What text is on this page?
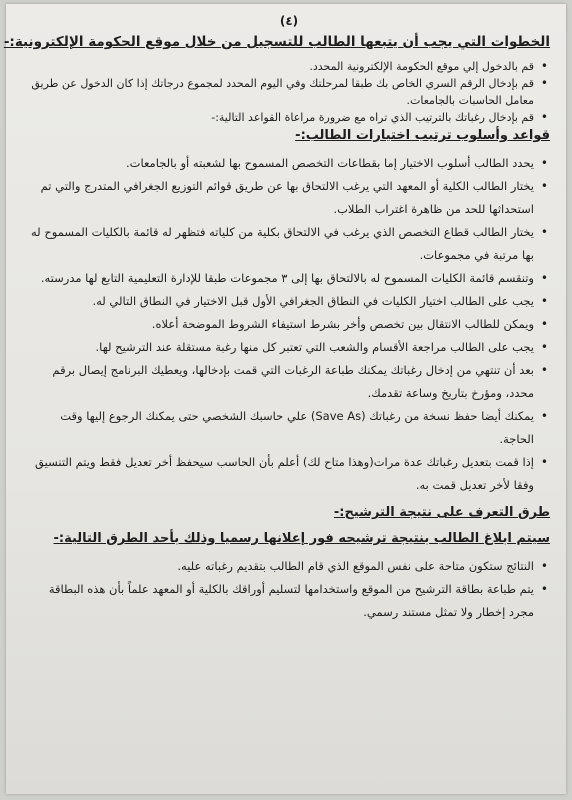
(٤)
الخطوات التي يجب أن يتبعها الطالب للتسجيل من خلال موقع الحكومة الإلكترونية:-
• قم بالدخول إلي موقع الحكومة الإلكترونية المحدد.
• قم بإدخال الرقم السري الخاص بك طبقا لمرحلتك وفي اليوم المحدد لمجموع درجاتك إذا كان الدخول عن طريق معامل الحاسبات بالجامعات.
• قم بإدخال رغباتك بالترتيب الذي تراه مع ضرورة مراعاة القواعد التالية:-
قواعد وأسلوب ترتيب اختيارات الطالب:-
• يحدد الطالب أسلوب الاختيار إما بقطاعات التخصص المسموح بها لشعبته أو بالجامعات.
• يختار الطالب الكلية أو المعهد التي يرغب الالتحاق بها عن طريق قوائم التوزيع الجغرافي المتدرج والتي تم استحداثها للحد من ظاهرة اغتراب الطلاب.
• يختار الطالب قطاع التخصص الذي يرغب في الالتحاق بكلية من كلياته فتظهر له قائمة بالكليات المسموح له بها مرتبة في مجموعات.
• وتنقسم قائمة الكليات المسموح له بالالتحاق بها إلى ٣ مجموعات طبقا للإدارة التعليمية التابع لها مدرسته.
• يجب على الطالب اختيار الكليات في النطاق الجغرافي الأول قبل الاختيار في النطاق التالي له.
• ويمكن للطالب الانتقال بين تخصص وأخر بشرط استيفاء الشروط الموضحة أعلاه.
• يجب على الطالب مراجعة الأقسام والشعب التي تعتبر كل منها رغبة مستقلة عند الترشيح لها.
• بعد أن تنتهي من إدخال رغباتك يمكنك طباعة الرغبات التي قمت بإدخالها، ويعطيك البرنامج إيصال برقم محدد، ومؤرخ بتاريخ وساعة تقدمك.
• يمكنك أيضا حفظ نسخة من رغباتك (Save As) علي حاسبك الشخصي حتى يمكنك الرجوع إليها وقت الحاجة.
• إذا قمت بتعديل رغباتك عدة مرات(وهذا متاح لك) أعلم بأن الحاسب سيحفظ أخر تعديل فقط ويتم التنسيق وفقا لأخر تعديل قمت به.
طرق التعرف على نتيجة الترشيح:-
سيتم ابلاغ الطالب بنتيجة ترشيحه فور إعلانها رسميا وذلك بأحد الطرق التالية:-
• النتائج ستكون متاحة على نفس الموقع الذي قام الطالب بتقديم رغباته عليه.
• يتم طباعة بطاقة الترشيح من الموقع واستخدامها لتسليم أوراقك بالكلية أو المعهد علماً بأن هذه البطاقة مجرد إخطار ولا تمثل مستند رسمي.
